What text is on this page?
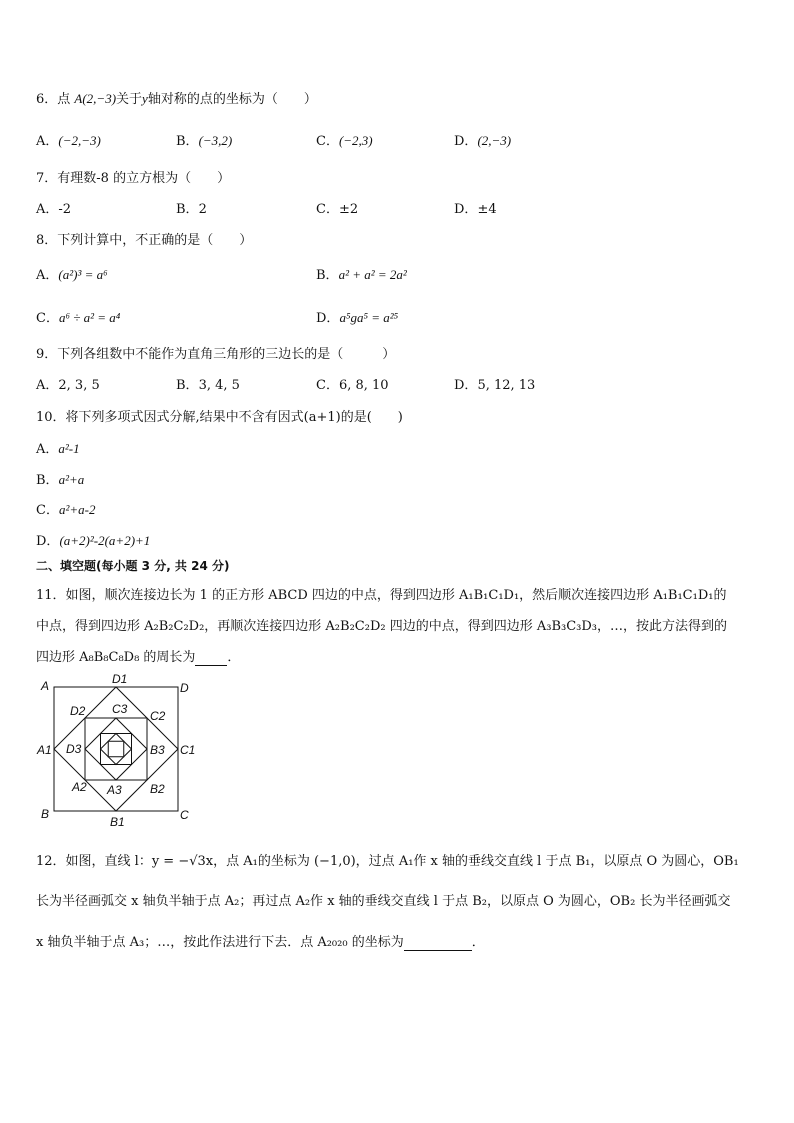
6．点 A(2,−3)关于y轴对称的点的坐标为（　　）
A．(−2,−3)	B．(−3,2)	C．(−2,3)	D．(2,−3)
7．有理数-8 的立方根为（　　）
A．-2	B．2	C．±2	D．±4
8．下列计算中，不正确的是（　　）
A．(a²)³ = a⁶	B．a² + a² = 2a²
C．a⁶ ÷ a² = a⁴	D．a⁵ga⁵ = a²⁵
9．下列各组数中不能作为直角三角形的三边长的是（　　　）
A．2, 3, 5	B．3, 4, 5	C．6, 8, 10	D．5, 12, 13
10．将下列多项式因式分解,结果中不含有因式(a+1)的是(　　)
A．a²-1
B．a²+a
C．a²+a-2
D．(a+2)²-2(a+2)+1
二、填空题(每小题 3 分, 共 24 分)
11．如图，顺次连接边长为 1 的正方形 ABCD 四边的中点，得到四边形 A₁B₁C₁D₁，然后顺次连接四边形 A₁B₁C₁D₁的
中点，得到四边形 A₂B₂C₂D₂，再顺次连接四边形 A₂B₂C₂D₂ 四边的中点，得到四边形 A₃B₃C₃D₃，…，按此方法得到的
四边形 A₈B₈C₈D₈ 的周长为 ．
A	D
B	C
D1
A1	C1
B1
D2	C2
A2	B2
C3
D3	B3
A3
12．如图，直线 l：y = −√3x，点 A₁的坐标为 (−1,0)，过点 A₁作 x 轴的垂线交直线 l 于点 B₁，以原点 O 为圆心，OB₁
长为半径画弧交 x 轴负半轴于点 A₂；再过点 A₂作 x 轴的垂线交直线 l 于点 B₂，以原点 O 为圆心，OB₂ 长为半径画弧交
x 轴负半轴于点 A₃；…，按此作法进行下去．点 A₂₀₂₀ 的坐标为	．
